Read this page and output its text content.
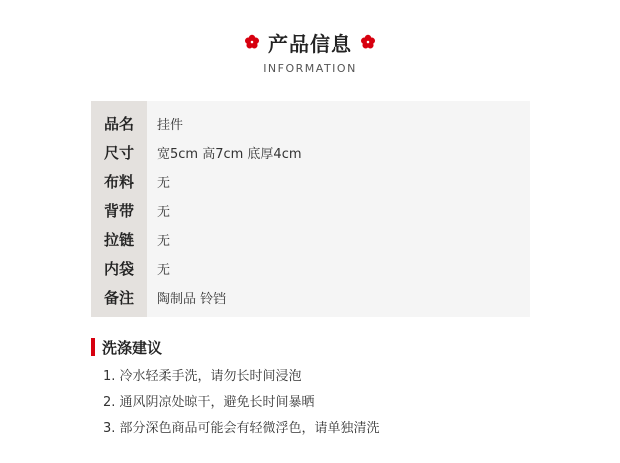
产品信息
INFORMATION
品名	挂件
尺寸	宽5cm 高7cm 底厚4cm
布料	无
背带	无
拉链	无
内袋	无
备注	陶制品 铃铛
洗涤建议
1. 冷水轻柔手洗，请勿长时间浸泡
2. 通风阴凉处晾干，避免长时间暴晒
3. 部分深色商品可能会有轻微浮色，请单独清洗
